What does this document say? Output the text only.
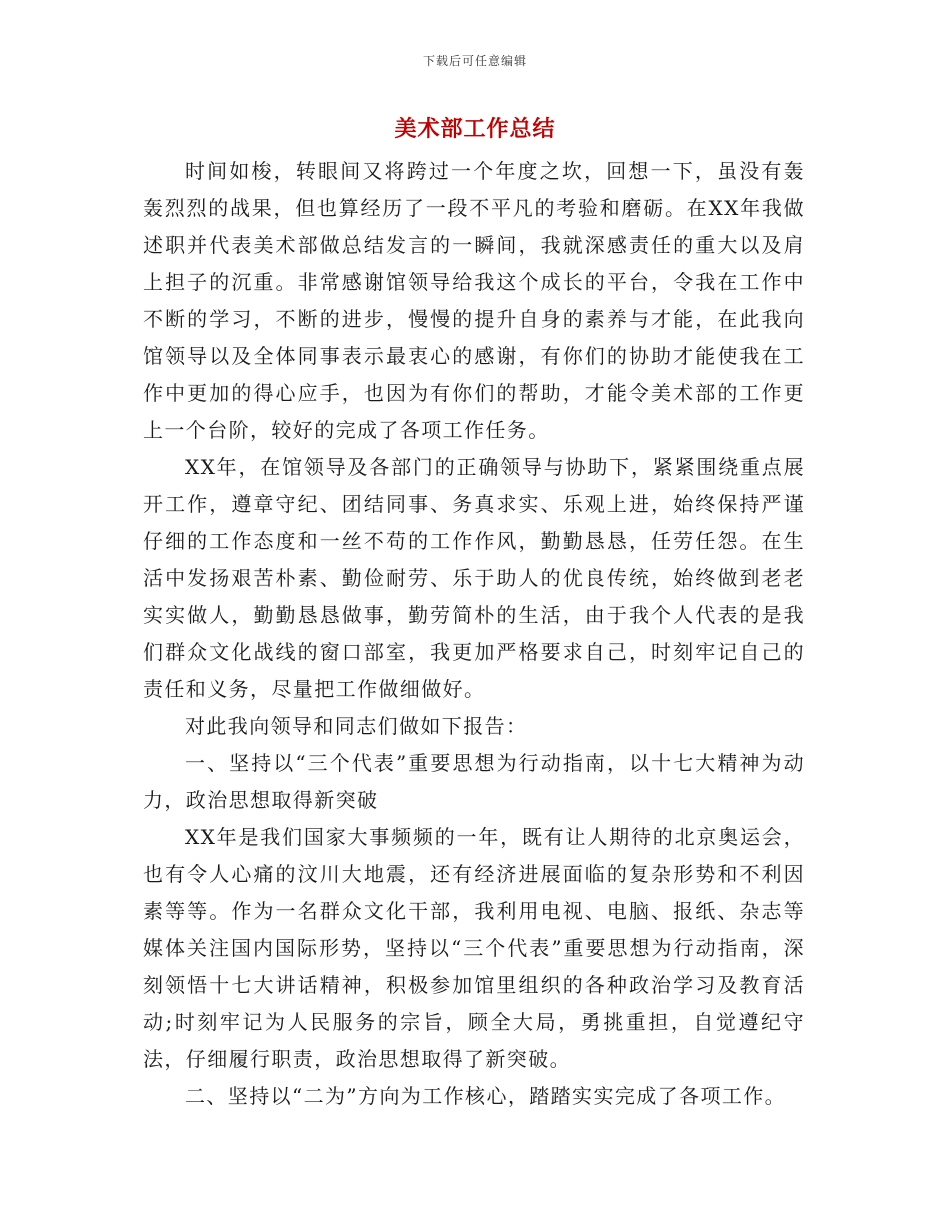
下载后可任意编辑
美术部工作总结

时间如梭，转眼间又将跨过一个年度之坎，回想一下，虽没有轰轰烈烈的战果，但也算经历了一段不平凡的考验和磨砺。在XX年我做述职并代表美术部做总结发言的一瞬间，我就深感责任的重大以及肩上担子的沉重。非常感谢馆领导给我这个成长的平台，令我在工作中不断的学习，不断的进步，慢慢的提升自身的素养与才能，在此我向馆领导以及全体同事表示最衷心的感谢，有你们的协助才能使我在工作中更加的得心应手，也因为有你们的帮助，才能令美术部的工作更上一个台阶，较好的完成了各项工作任务。

XX年，在馆领导及各部门的正确领导与协助下，紧紧围绕重点展开工作，遵章守纪、团结同事、务真求实、乐观上进，始终保持严谨仔细的工作态度和一丝不苟的工作作风，勤勤恳恳，任劳任怨。在生活中发扬艰苦朴素、勤俭耐劳、乐于助人的优良传统，始终做到老老实实做人，勤勤恳恳做事，勤劳简朴的生活，由于我个人代表的是我们群众文化战线的窗口部室，我更加严格要求自己，时刻牢记自己的责任和义务，尽量把工作做细做好。

对此我向领导和同志们做如下报告：

一、坚持以“三个代表”重要思想为行动指南，以十七大精神为动力，政治思想取得新突破

XX年是我们国家大事频频的一年，既有让人期待的北京奥运会，也有令人心痛的汶川大地震，还有经济进展面临的复杂形势和不利因素等等。作为一名群众文化干部，我利用电视、电脑、报纸、杂志等媒体关注国内国际形势，坚持以“三个代表”重要思想为行动指南，深刻领悟十七大讲话精神，积极参加馆里组织的各种政治学习及教育活动;时刻牢记为人民服务的宗旨，顾全大局，勇挑重担，自觉遵纪守法，仔细履行职责，政治思想取得了新突破。

二、坚持以“二为”方向为工作核心，踏踏实实完成了各项工作。
